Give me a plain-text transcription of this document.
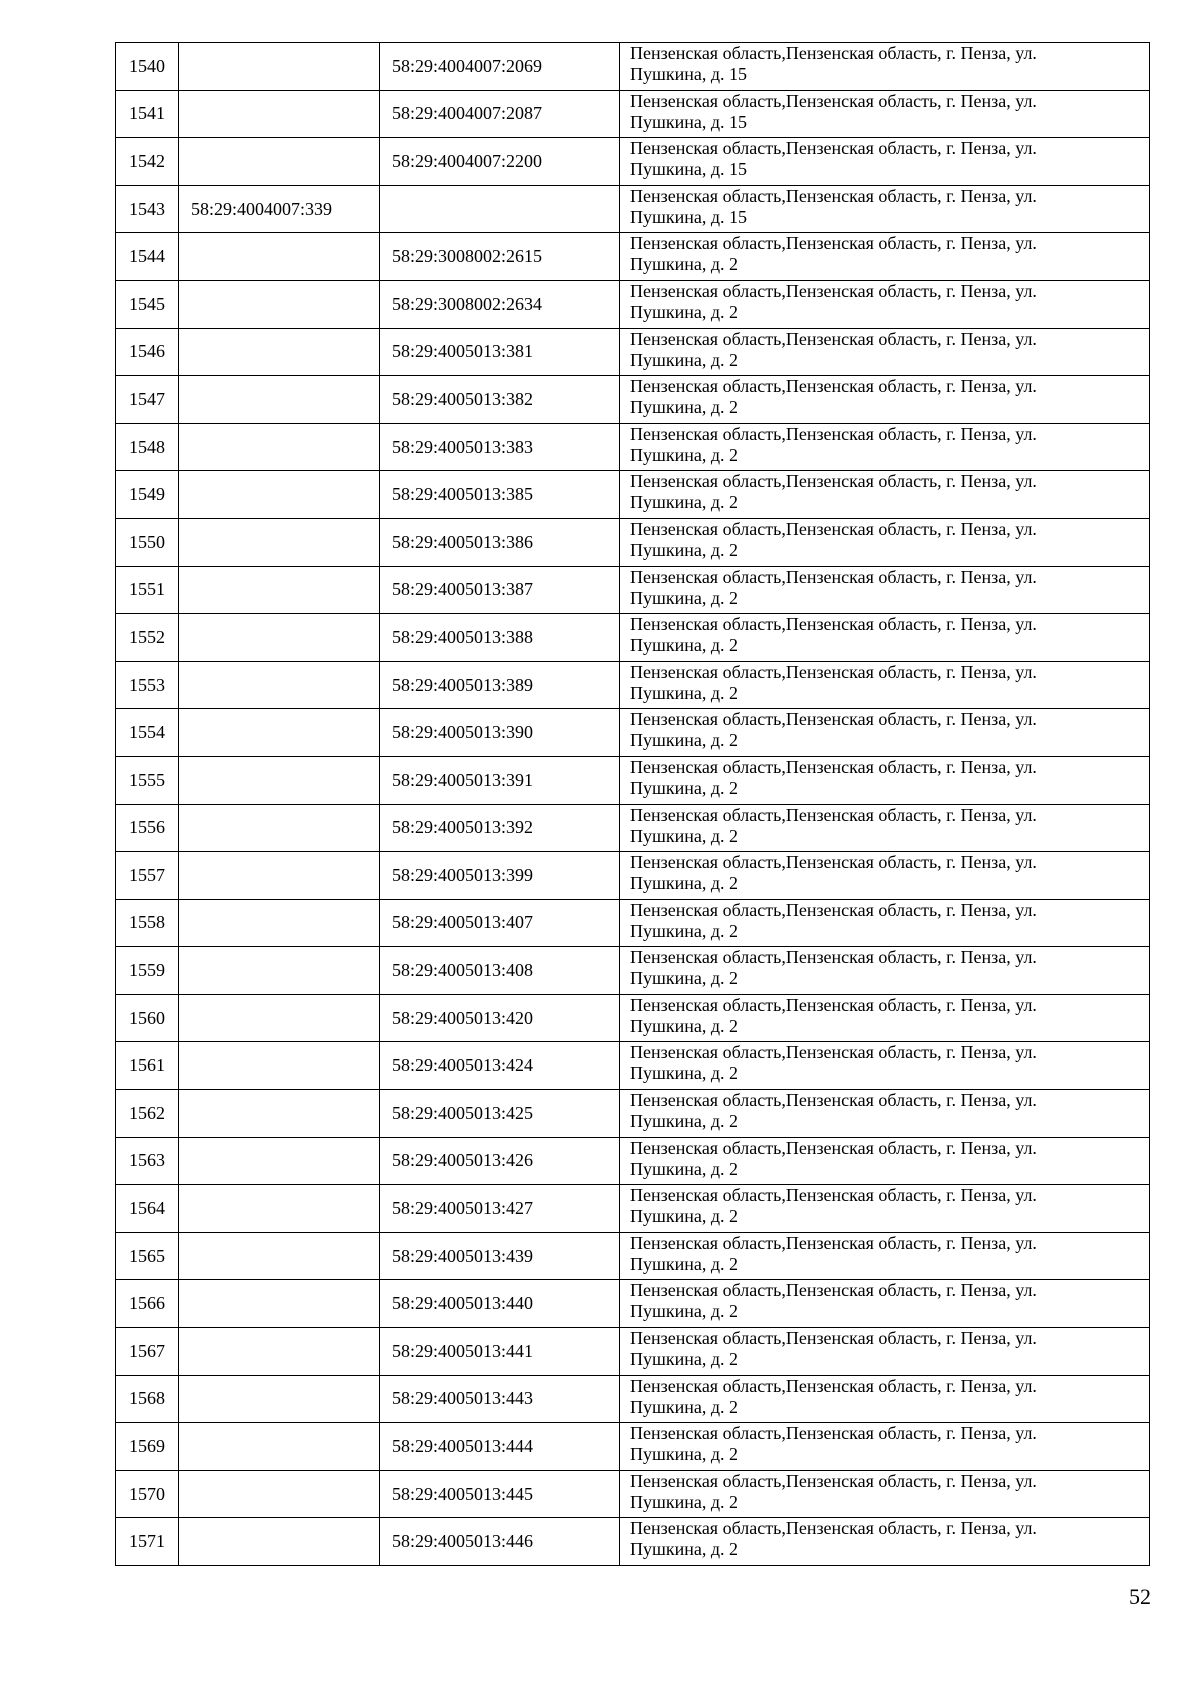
1540		58:29:4004007:2069	Пензенская область,Пензенская область, г. Пенза, ул.
Пушкина, д. 15

1541		58:29:4004007:2087	Пензенская область,Пензенская область, г. Пенза, ул.
Пушкина, д. 15

1542		58:29:4004007:2200	Пензенская область,Пензенская область, г. Пенза, ул.
Пушкина, д. 15

1543	58:29:4004007:339		Пензенская область,Пензенская область, г. Пенза, ул.
Пушкина, д. 15

1544		58:29:3008002:2615	Пензенская область,Пензенская область, г. Пенза, ул.
Пушкина, д. 2

1545		58:29:3008002:2634	Пензенская область,Пензенская область, г. Пенза, ул.
Пушкина, д. 2

1546		58:29:4005013:381	Пензенская область,Пензенская область, г. Пенза, ул.
Пушкина, д. 2

1547		58:29:4005013:382	Пензенская область,Пензенская область, г. Пенза, ул.
Пушкина, д. 2

1548		58:29:4005013:383	Пензенская область,Пензенская область, г. Пенза, ул.
Пушкина, д. 2

1549		58:29:4005013:385	Пензенская область,Пензенская область, г. Пенза, ул.
Пушкина, д. 2

1550		58:29:4005013:386	Пензенская область,Пензенская область, г. Пенза, ул.
Пушкина, д. 2

1551		58:29:4005013:387	Пензенская область,Пензенская область, г. Пенза, ул.
Пушкина, д. 2

1552		58:29:4005013:388	Пензенская область,Пензенская область, г. Пенза, ул.
Пушкина, д. 2

1553		58:29:4005013:389	Пензенская область,Пензенская область, г. Пенза, ул.
Пушкина, д. 2

1554		58:29:4005013:390	Пензенская область,Пензенская область, г. Пенза, ул.
Пушкина, д. 2

1555		58:29:4005013:391	Пензенская область,Пензенская область, г. Пенза, ул.
Пушкина, д. 2

1556		58:29:4005013:392	Пензенская область,Пензенская область, г. Пенза, ул.
Пушкина, д. 2

1557		58:29:4005013:399	Пензенская область,Пензенская область, г. Пенза, ул.
Пушкина, д. 2

1558		58:29:4005013:407	Пензенская область,Пензенская область, г. Пенза, ул.
Пушкина, д. 2

1559		58:29:4005013:408	Пензенская область,Пензенская область, г. Пенза, ул.
Пушкина, д. 2

1560		58:29:4005013:420	Пензенская область,Пензенская область, г. Пенза, ул.
Пушкина, д. 2

1561		58:29:4005013:424	Пензенская область,Пензенская область, г. Пенза, ул.
Пушкина, д. 2

1562		58:29:4005013:425	Пензенская область,Пензенская область, г. Пенза, ул.
Пушкина, д. 2

1563		58:29:4005013:426	Пензенская область,Пензенская область, г. Пенза, ул.
Пушкина, д. 2

1564		58:29:4005013:427	Пензенская область,Пензенская область, г. Пенза, ул.
Пушкина, д. 2

1565		58:29:4005013:439	Пензенская область,Пензенская область, г. Пенза, ул.
Пушкина, д. 2

1566		58:29:4005013:440	Пензенская область,Пензенская область, г. Пенза, ул.
Пушкина, д. 2

1567		58:29:4005013:441	Пензенская область,Пензенская область, г. Пенза, ул.
Пушкина, д. 2

1568		58:29:4005013:443	Пензенская область,Пензенская область, г. Пенза, ул.
Пушкина, д. 2

1569		58:29:4005013:444	Пензенская область,Пензенская область, г. Пенза, ул.
Пушкина, д. 2

1570		58:29:4005013:445	Пензенская область,Пензенская область, г. Пенза, ул.
Пушкина, д. 2

1571		58:29:4005013:446	Пензенская область,Пензенская область, г. Пенза, ул.
Пушкина, д. 2
52
